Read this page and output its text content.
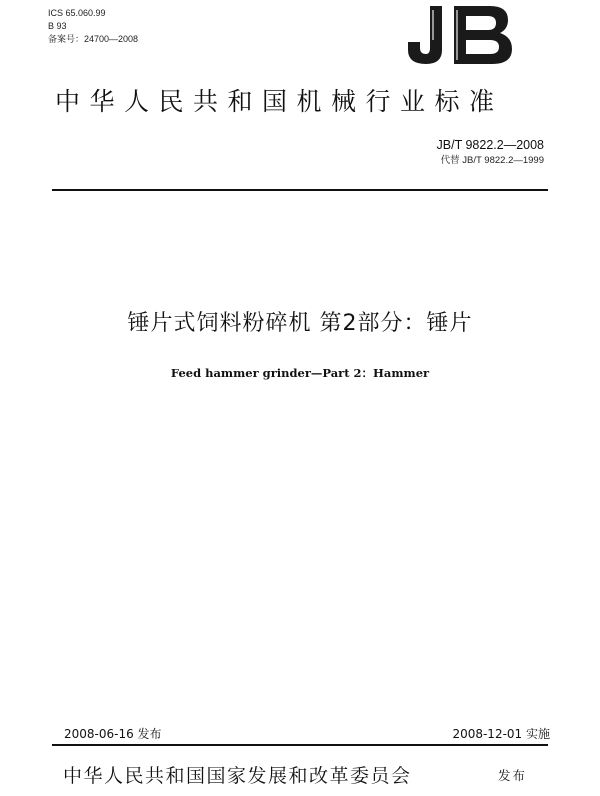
ICS 65.060.99
B 93
备案号：24700—2008
中华人民共和国机械行业标准
JB/T 9822.2—2008
代替 JB/T 9822.2—1999
锤片式饲料粉碎机 第2部分：锤片
Feed hammer grinder—Part 2：Hammer
2008-06-16 发布	2008-12-01 实施
中华人民共和国国家发展和改革委员会	发布
